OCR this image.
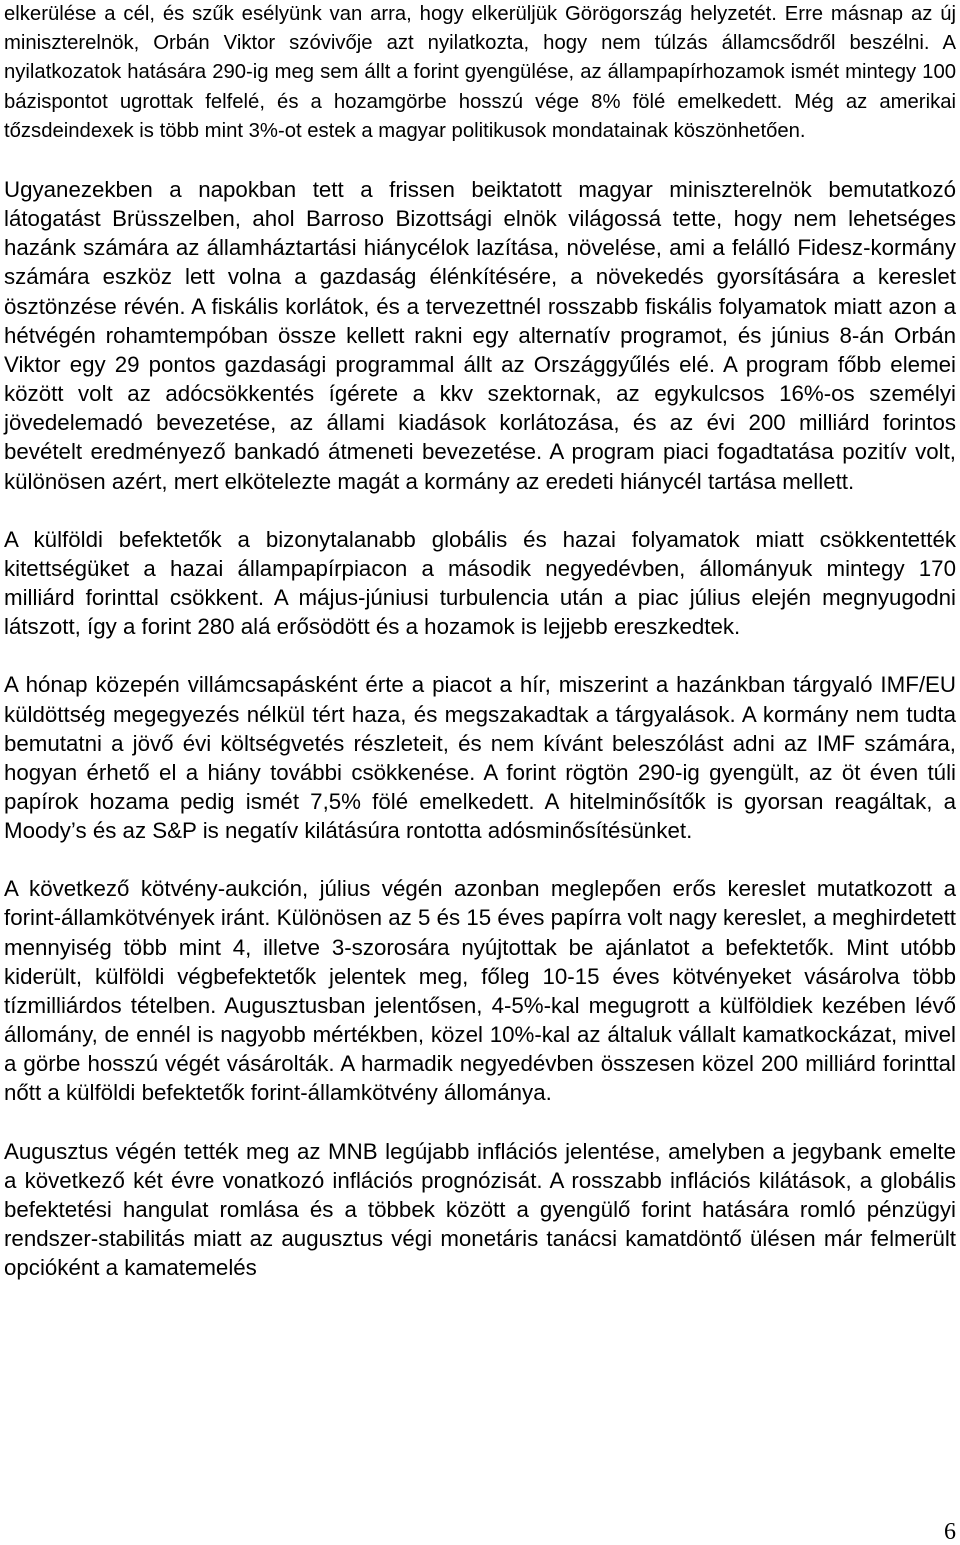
elkerülése a cél, és szűk esélyünk van arra, hogy elkerüljük Görögország helyzetét. Erre másnap az új miniszterelnök, Orbán Viktor szóvivője azt nyilatkozta, hogy nem túlzás államcsődről beszélni. A nyilatkozatok hatására 290-ig meg sem állt a forint gyengülése, az állampapírhozamok ismét mintegy 100 bázispontot ugrottak felfelé, és a hozamgörbe hosszú vége 8% fölé emelkedett. Még az amerikai tőzsdeindexek is több mint 3%-ot estek a magyar politikusok mondatainak köszönhetően.

Ugyanezekben a napokban tett a frissen beiktatott magyar miniszterelnök bemutatkozó látogatást Brüsszelben, ahol Barroso Bizottsági elnök világossá tette, hogy nem lehetséges hazánk számára az államháztartási hiánycélok lazítása, növelése, ami a felálló Fidesz-kormány számára eszköz lett volna a gazdaság élénkítésére, a növekedés gyorsítására a kereslet ösztönzése révén. A fiskális korlátok, és a tervezettnél rosszabb fiskális folyamatok miatt azon a hétvégén rohamtempóban össze kellett rakni egy alternatív programot, és június 8-án Orbán Viktor egy 29 pontos gazdasági programmal állt az Országgyűlés elé. A program főbb elemei között volt az adócsökkentés ígérete a kkv szektornak, az egykulcsos 16%-os személyi jövedelemadó bevezetése, az állami kiadások korlátozása, és az évi 200 milliárd forintos bevételt eredményező bankadó átmeneti bevezetése. A program piaci fogadtatása pozitív volt, különösen azért, mert elkötelezte magát a kormány az eredeti hiánycél tartása mellett.

A külföldi befektetők a bizonytalanabb globális és hazai folyamatok miatt csökkentették kitettségüket a hazai állampapírpiacon a második negyedévben, állományuk mintegy 170 milliárd forinttal csökkent. A május-júniusi turbulencia után a piac július elején megnyugodni látszott, így a forint 280 alá erősödött és a hozamok is lejjebb ereszkedtek.

A hónap közepén villámcsapásként érte a piacot a hír, miszerint a hazánkban tárgyaló IMF/EU küldöttség megegyezés nélkül tért haza, és megszakadtak a tárgyalások. A kormány nem tudta bemutatni a jövő évi költségvetés részleteit, és nem kívánt beleszólást adni az IMF számára, hogyan érhető el a hiány további csökkenése. A forint rögtön 290-ig gyengült, az öt éven túli papírok hozama pedig ismét 7,5% fölé emelkedett. A hitelminősítők is gyorsan reagáltak, a Moody’s és az S&P is negatív kilátásúra rontotta adósminősítésünket.

A következő kötvény-aukción, július végén azonban meglepően erős kereslet mutatkozott a forint-államkötvények iránt. Különösen az 5 és 15 éves papírra volt nagy kereslet, a meghirdetett mennyiség több mint 4, illetve 3-szorosára nyújtottak be ajánlatot a befektetők. Mint utóbb kiderült, külföldi végbefektetők jelentek meg, főleg 10-15 éves kötvényeket vásárolva több tízmilliárdos tételben. Augusztusban jelentősen, 4-5%-kal megugrott a külföldiek kezében lévő állomány, de ennél is nagyobb mértékben, közel 10%-kal az általuk vállalt kamatkockázat, mivel a görbe hosszú végét vásárolták. A harmadik negyedévben összesen közel 200 milliárd forinttal nőtt a külföldi befektetők forint-államkötvény állománya.

Augusztus végén tették meg az MNB legújabb inflációs jelentése, amelyben a jegybank emelte a következő két évre vonatkozó inflációs prognózisát. A rosszabb inflációs kilátások, a globális befektetési hangulat romlása és a többek között a gyengülő forint hatására romló pénzügyi rendszer-stabilitás miatt az augusztus végi monetáris tanácsi kamatdöntő ülésen már felmerült opcióként a kamatemelés

6
